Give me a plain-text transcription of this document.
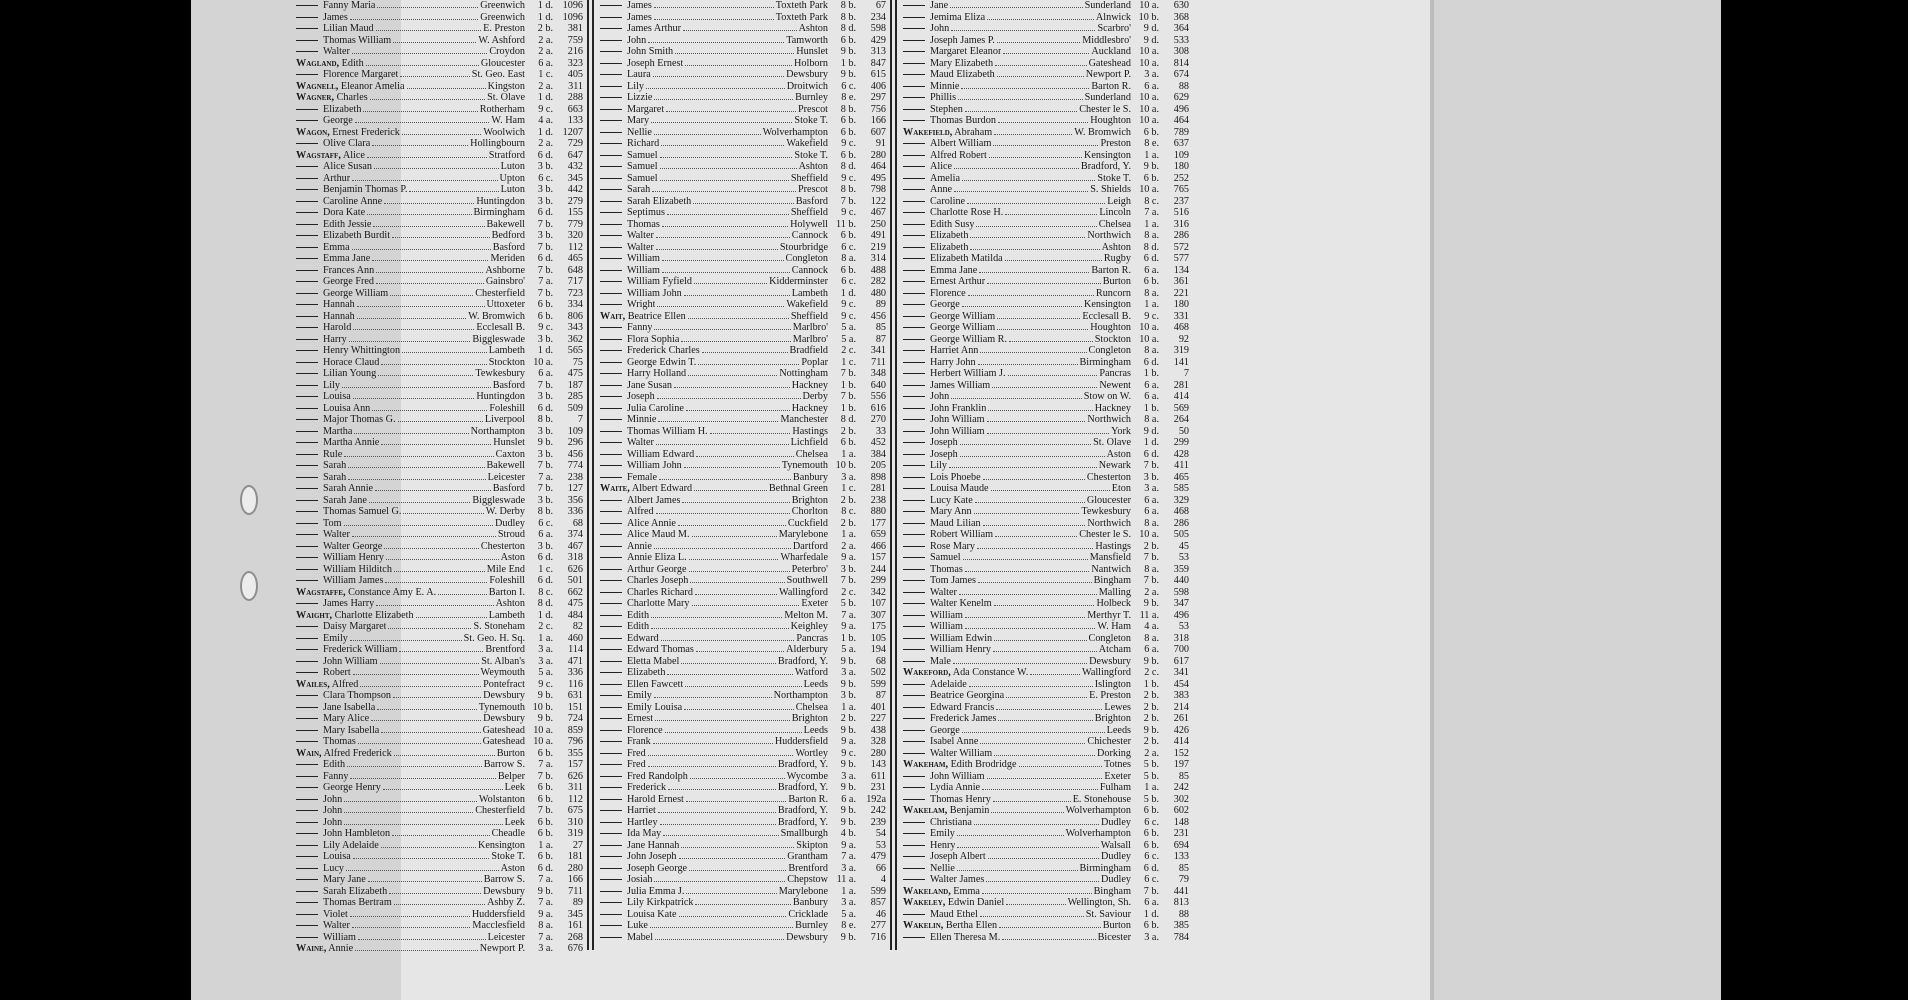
Fanny Maria	Greenwich	1 d. 1096
James	Greenwich	1 d. 1096
Lilian Maud	E. Preston	2 b.	381
Thomas William	W. Ashford	2 a.	759
Walter	Croydon	2 a.	216
Wagland, Edith	Gloucester	6 a.	323
Florence Margaret	St. Geo. East	1 c.	405
Wagnell, Eleanor Amelia	Kingston	2 a.	311
Wagner, Charles	St. Olave	1 d.	288
Elizabeth	Rotherham	9 c.	663
George	W. Ham	4 a.	133
Wagon, Ernest Frederick	Woolwich	1 d. 1207
Olive Clara	Hollingbourn	2 a.	729
Wagstaff, Alice	Stratford	6 d.	647
Alice Susan	Luton	3 b.	432
Arthur	Upton	6 c.	345
Benjamin Thomas P.	Luton	3 b.	442
Caroline Anne	Huntingdon	3 b.	279
Dora Kate	Birmingham	6 d.	155
Edith Jessie	Bakewell	7 b.	779
Elizabeth Burdit	Bedford	3 b.	320
Emma	Basford	7 b.	112
Emma Jane	Meriden	6 d.	465
Frances Ann	Ashborne	7 b.	648
George Fred	Gainsbro'	7 a.	717
George William	Chesterfield	7 b.	723
Hannah	Uttoxeter	6 b.	334
Hannah	W. Bromwich	6 b.	806
Harold	Ecclesall B.	9 c.	343
Harry	Biggleswade	3 b.	362
Henry Whittington	Lambeth	1 d.	565
Horace Claud	Stockton 10 a.	75
Lilian Young	Tewkesbury	6 a.	475
Lily	Basford	7 b.	187
Louisa	Huntingdon	3 b.	285
Louisa Ann	Foleshill	6 d.	509
Major Thomas G.	Liverpool	8 b.	7
Martha	Northampton	3 b.	109
Martha Annie	Hunslet	9 b.	296
Rule	Caxton	3 b.	456
Sarah	Bakewell	7 b.	774
Sarah	Leicester	7 a.	238
Sarah Annie	Basford	7 b.	127
Sarah Jane	Biggleswade	3 b.	356
Thomas Samuel G.	W. Derby	8 b.	336
Tom	Dudley	6 c.	68
Walter	Stroud	6 a.	374
Walter George	Chesterton	3 b.	467
William Henry	Aston	6 d.	318
William Hilditch	Mile End	1 c.	626
William James	Foleshill	6 d.	501
Wagstaffe, Constance Amy E. A.	Barton I.	8 c.	662
James Harry	Ashton	8 d.	475
Waight, Charlotte Elizabeth	Lambeth	1 d.	484
Daisy Margaret	S. Stoneham	2 c.	82
Emily	St. Geo. H. Sq.	1 a.	460
Frederick William	Brentford	3 a.	114
John William	St. Alban's	3 a.	471
Robert	Weymouth	5 a.	336
Wailes, Alfred	Pontefract	9 c.	116
Clara Thompson	Dewsbury	9 b.	631
Jane Isabella	Tynemouth 10 b.	151
Mary Alice	Dewsbury	9 b.	724
Mary Isabella	Gateshead 10 a.	859
Thomas	Gateshead 10 a.	796
Wain, Alfred Frederick	Burton	6 b.	355
Edith	Barrow S.	7 a.	157
Fanny	Belper	7 b.	626
George Henry	Leek	6 b.	311
John	Wolstanton	6 b.	112
John	Chesterfield	7 b.	675
John	Leek	6 b.	310
John Hambleton	Cheadle	6 b.	319
Lily Adelaide	Kensington	1 a.	27
Louisa	Stoke T.	6 b.	181
Lucy	Aston	6 d.	280
Mary Jane	Barrow S.	7 a.	166
Sarah Elizabeth	Dewsbury	9 b.	711
Thomas Bertram	Ashby Z.	7 a.	89
Violet	Huddersfield	9 a.	345
Walter	Macclesfield	8 a.	161
William	Leicester	7 a.	268
Waine, Annie	Newport P.	3 a.	676
James	Toxteth Park	8 b.	67
James	Toxteth Park	8 b.	234
James Arthur	Ashton	8 d.	598
John	Tamworth	6 b.	429
John Smith	Hunslet	9 b.	313
Joseph Ernest	Holborn	1 b.	847
Laura	Dewsbury	9 b.	615
Lily	Droitwich	6 c.	406
Lizzie	Burnley	8 e.	297
Margaret	Prescot	8 b.	756
Mary	Stoke T.	6 b.	166
Nellie	Wolverhampton	6 b.	607
Richard	Wakefield	9 c.	91
Samuel	Stoke T.	6 b.	280
Samuel	Ashton	8 d.	464
Samuel	Sheffield	9 c.	495
Sarah	Prescot	8 b.	798
Sarah Elizabeth	Basford	7 b.	122
Septimus	Sheffield	9 c.	467
Thomas	Holywell 11 b.	250
Walter	Cannock	6 b.	491
Walter	Stourbridge	6 c.	219
William	Congleton	8 a.	314
William	Cannock	6 b.	488
William Fyfield	Kidderminster	6 c.	282
William John	Lambeth	1 d.	480
Wright	Wakefield	9 c.	89
Wait, Beatrice Ellen	Sheffield	9 c.	456
Fanny	Marlbro'	5 a.	85
Flora Sophia	Marlbro'	5 a.	87
Frederick Charles	Bradfield	2 c.	341
George Edwin T.	Poplar	1 c.	711
Harry Holland	Nottingham	7 b.	348
Jane Susan	Hackney	1 b.	640
Joseph	Derby	7 b.	556
Julia Caroline	Hackney	1 b.	616
Minnie	Manchester	8 d.	270
Thomas William H.	Hastings	2 b.	33
Walter	Lichfield	6 b.	452
William Edward	Chelsea	1 a.	384
William John	Tynemouth 10 b.	205
Female	Banbury	3 a.	898
Waite, Albert Edward	Bethnal Green	1 c.	281
Albert James	Brighton	2 b.	238
Alfred	Chorlton	8 c.	880
Alice Annie	Cuckfield	2 b.	177
Alice Maud M.	Marylebone	1 a.	659
Annie	Dartford	2 a.	466
Annie Eliza L.	Wharfedale	9 a.	157
Arthur George	Peterbro'	3 b.	244
Charles Joseph	Southwell	7 b.	299
Charles Richard	Wallingford	2 c.	342
Charlotte Mary	Exeter	5 b.	107
Edith	Melton M.	7 a.	307
Edith	Keighley	9 a.	175
Edward	Pancras	1 b.	105
Edward Thomas	Alderbury	5 a.	194
Eletta Mabel	Bradford, Y.	9 b.	68
Elizabeth	Watford	3 a.	502
Ellen Fawcett	Leeds	9 b.	599
Emily	Northampton	3 b.	87
Emily Louisa	Chelsea	1 a.	401
Ernest	Brighton	2 b.	227
Florence	Leeds	9 b.	438
Frank	Huddersfield	9 a.	328
Fred	Wortley	9 c.	280
Fred	Bradford, Y.	9 b.	143
Fred Randolph	Wycombe	3 a.	611
Frederick	Bradford, Y.	9 b.	231
Harold Ernest	Barton R.	6 a. 192a
Harriet	Bradford, Y.	9 b.	242
Hartley	Bradford, Y.	9 b.	239
Ida May	Smallburgh	4 b.	54
Jane Hannah	Skipton	9 a.	53
John Joseph	Grantham	7 a.	479
Joseph George	Brentford	3 a.	66
Josiah	Chepstow 11 a.	4
Julia Emma J.	Marylebone	1 a.	599
Lily Kirkpatrick	Banbury	3 a.	857
Louisa Kate	Cricklade	5 a.	46
Luke	Burnley	8 e.	277
Mabel	Dewsbury	9 b.	716
Jane	Sunderland 10 a.	630
Jemima Eliza	Alnwick 10 b.	368
John	Scarbro'	9 d.	364
Joseph James P.	Middlesbro'	9 d.	533
Margaret Eleanor	Auckland 10 a.	308
Mary Elizabeth	Gateshead 10 a.	814
Maud Elizabeth	Newport P.	3 a.	674
Minnie	Barton R.	6 a.	88
Phillis	Sunderland 10 a.	629
Stephen	Chester le S. 10 a.	496
Thomas Burdon	Houghton 10 a.	464
Wakefield, Abraham	W. Bromwich	6 b.	789
Albert William	Preston	8 e.	637
Alfred Robert	Kensington	1 a.	109
Alice	Bradford, Y.	9 b.	180
Amelia	Stoke T.	6 b.	252
Anne	S. Shields 10 a.	765
Caroline	Leigh	8 c.	237
Charlotte Rose H.	Lincoln	7 a.	516
Edith Susy	Chelsea	1 a.	316
Elizabeth	Northwich	8 a.	286
Elizabeth	Ashton	8 d.	572
Elizabeth Matilda	Rugby	6 d.	577
Emma Jane	Barton R.	6 a.	134
Ernest Arthur	Burton	6 b.	361
Florence	Runcorn	8 a.	221
George	Kensington	1 a.	180
George William	Ecclesall B.	9 c.	331
George William	Houghton 10 a.	468
George William R.	Stockton 10 a.	92
Harriet Ann	Congleton	8 a.	319
Harry John	Birmingham	6 d.	141
Herbert William J.	Pancras	1 b.	7
James William	Newent	6 a.	281
John	Stow on W.	6 a.	414
John Franklin	Hackney	1 b.	569
John William	Northwich	8 a.	264
John William	York	9 d.	50
Joseph	St. Olave	1 d.	299
Joseph	Aston	6 d.	428
Lily	Newark	7 b.	411
Lois Phoebe	Chesterton	3 b.	465
Louisa Maude	Eton	3 a.	585
Lucy Kate	Gloucester	6 a.	329
Mary Ann	Tewkesbury	6 a.	468
Maud Lilian	Northwich	8 a.	286
Robert William	Chester le S. 10 a.	505
Rose Mary	Hastings	2 b.	45
Samuel	Mansfield	7 b.	53
Thomas	Nantwich	8 a.	359
Tom James	Bingham	7 b.	440
Walter	Malling	2 a.	598
Walter Kenelm	Holbeck	9 b.	347
William	Merthyr T. 11 a.	496
William	W. Ham	4 a.	53
William Edwin	Congleton	8 a.	318
William Henry	Atcham	6 a.	700
Male	Dewsbury	9 b.	617
Wakeford, Ada Constance W.	Wallingford	2 c.	341
Adelaide	Islington	1 b.	454
Beatrice Georgina	E. Preston	2 b.	383
Edward Francis	Lewes	2 b.	214
Frederick James	Brighton	2 b.	261
George	Leeds	9 b.	426
Isabel Anne	Chichester	2 b.	414
Walter William	Dorking	2 a.	152
Wakeham, Edith Brodridge	Totnes	5 b.	197
John William	Exeter	5 b.	85
Lydia Annie	Fulham	1 a.	242
Thomas Henry	E. Stonehouse	5 b.	302
Wakelam, Benjamin	Wolverhampton	6 b.	602
Christiana	Dudley	6 c.	148
Emily	Wolverhampton	6 b.	231
Henry	Walsall	6 b.	694
Joseph Albert	Dudley	6 c.	133
Nellie	Birmingham	6 d.	85
Walter James	Dudley	6 c.	79
Wakeland, Emma	Bingham	7 b.	441
Wakeley, Edwin Daniel	Wellington, Sh.	6 a.	813
Maud Ethel	St. Saviour	1 d.	88
Wakelin, Bertha Ellen	Burton	6 b.	385
Ellen Theresa M.	Bicester	3 a.	784
